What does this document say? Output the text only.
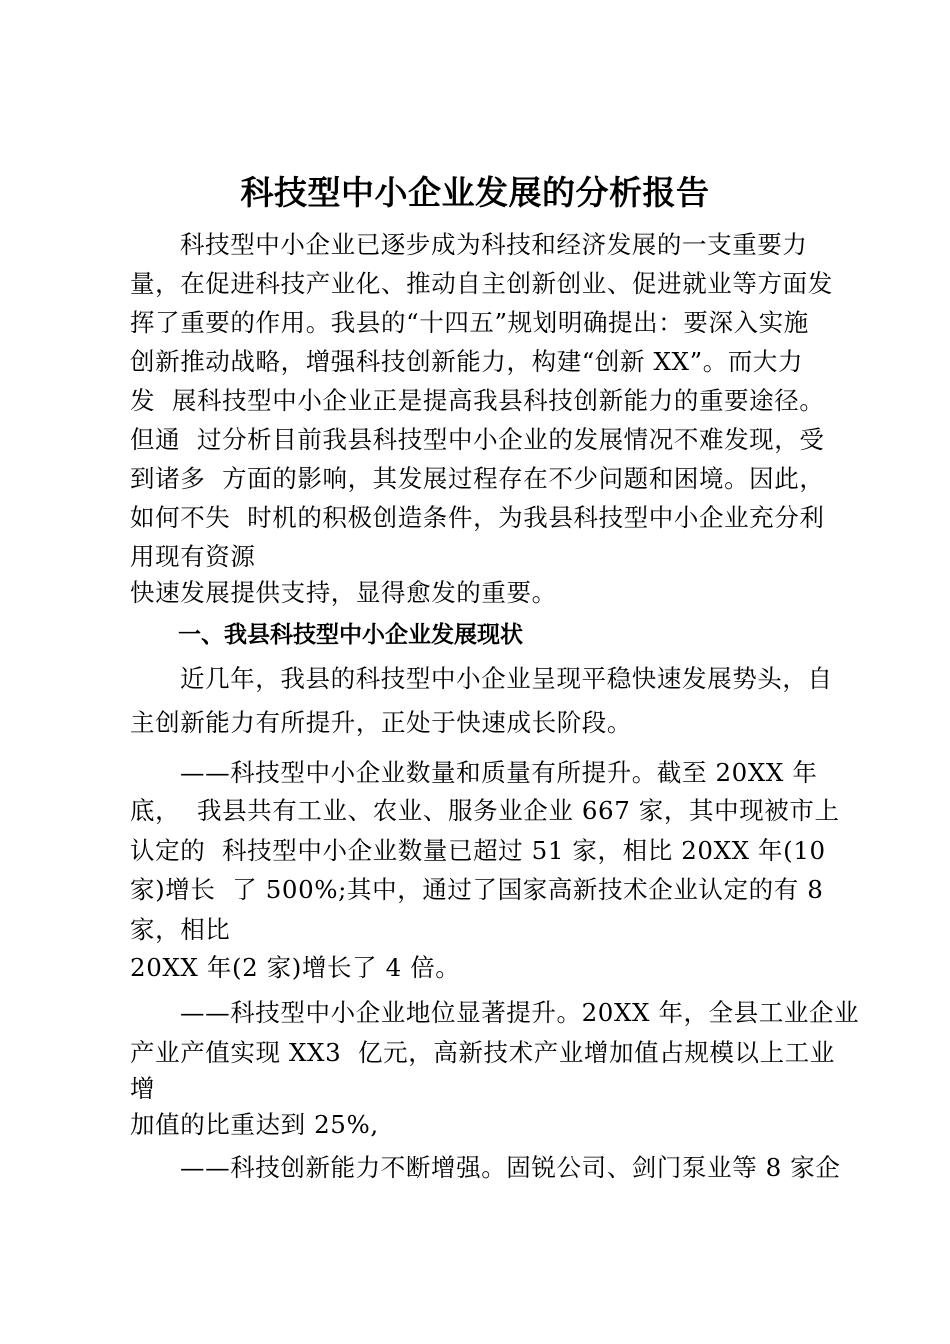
科技型中小企业发展的分析报告
科技型中小企业已逐步成为科技和经济发展的一支重要力
量，在促进科技产业化、推动自主创新创业、促进就业等方面发
挥了重要的作用。我县的“十四五”规划明确提出：要深入实施
创新推动战略，增强科技创新能力，构建“创新 XX”。而大力
发  展科技型中小企业正是提高我县科技创新能力的重要途径。
但通  过分析目前我县科技型中小企业的发展情况不难发现，受
到诸多  方面的影响，其发展过程存在不少问题和困境。因此，
如何不失  时机的积极创造条件，为我县科技型中小企业充分利
用现有资源
快速发展提供支持，显得愈发的重要。
一、我县科技型中小企业发展现状
近几年，我县的科技型中小企业呈现平稳快速发展势头，自
主创新能力有所提升，正处于快速成长阶段。
——科技型中小企业数量和质量有所提升。截至 20XX 年
底，  我县共有工业、农业、服务业企业 667 家，其中现被市上
认定的  科技型中小企业数量已超过 51 家，相比 20XX 年(10
家)增长  了 500%;其中，通过了国家高新技术企业认定的有 8
家，相比
20XX 年(2 家)增长了 4 倍。
——科技型中小企业地位显著提升。20XX 年，全县工业企业
产业产值实现 XX3  亿元，高新技术产业增加值占规模以上工业
增
加值的比重达到 25%,
——科技创新能力不断增强。固锐公司、剑门泵业等 8 家企
